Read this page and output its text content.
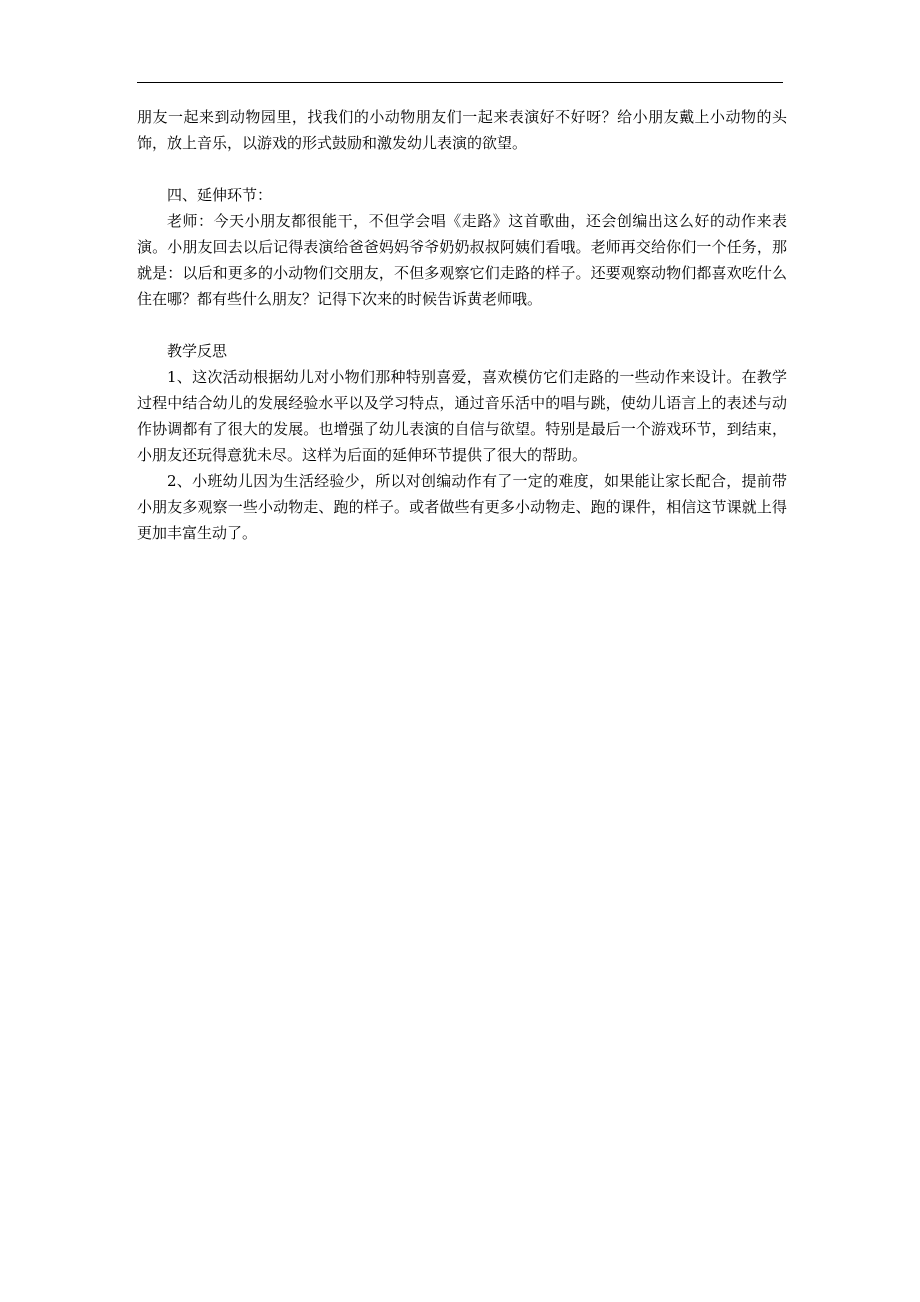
朋友一起来到动物园里，找我们的小动物朋友们一起来表演好不好呀？给小朋友戴上小动物的头饰，放上音乐，以游戏的形式鼓励和激发幼儿表演的欲望。

四、延伸环节：

老师：今天小朋友都很能干，不但学会唱《走路》这首歌曲，还会创编出这么好的动作来表演。小朋友回去以后记得表演给爸爸妈妈爷爷奶奶叔叔阿姨们看哦。老师再交给你们一个任务，那就是：以后和更多的小动物们交朋友，不但多观察它们走路的样子。还要观察动物们都喜欢吃什么住在哪？都有些什么朋友？记得下次来的时候告诉黄老师哦。

教学反思

1、这次活动根据幼儿对小物们那种特别喜爱，喜欢模仿它们走路的一些动作来设计。在教学过程中结合幼儿的发展经验水平以及学习特点，通过音乐活中的唱与跳，使幼儿语言上的表述与动作协调都有了很大的发展。也增强了幼儿表演的自信与欲望。特别是最后一个游戏环节，到结束，小朋友还玩得意犹未尽。这样为后面的延伸环节提供了很大的帮助。

2、小班幼儿因为生活经验少，所以对创编动作有了一定的难度，如果能让家长配合，提前带小朋友多观察一些小动物走、跑的样子。或者做些有更多小动物走、跑的课件，相信这节课就上得更加丰富生动了。
